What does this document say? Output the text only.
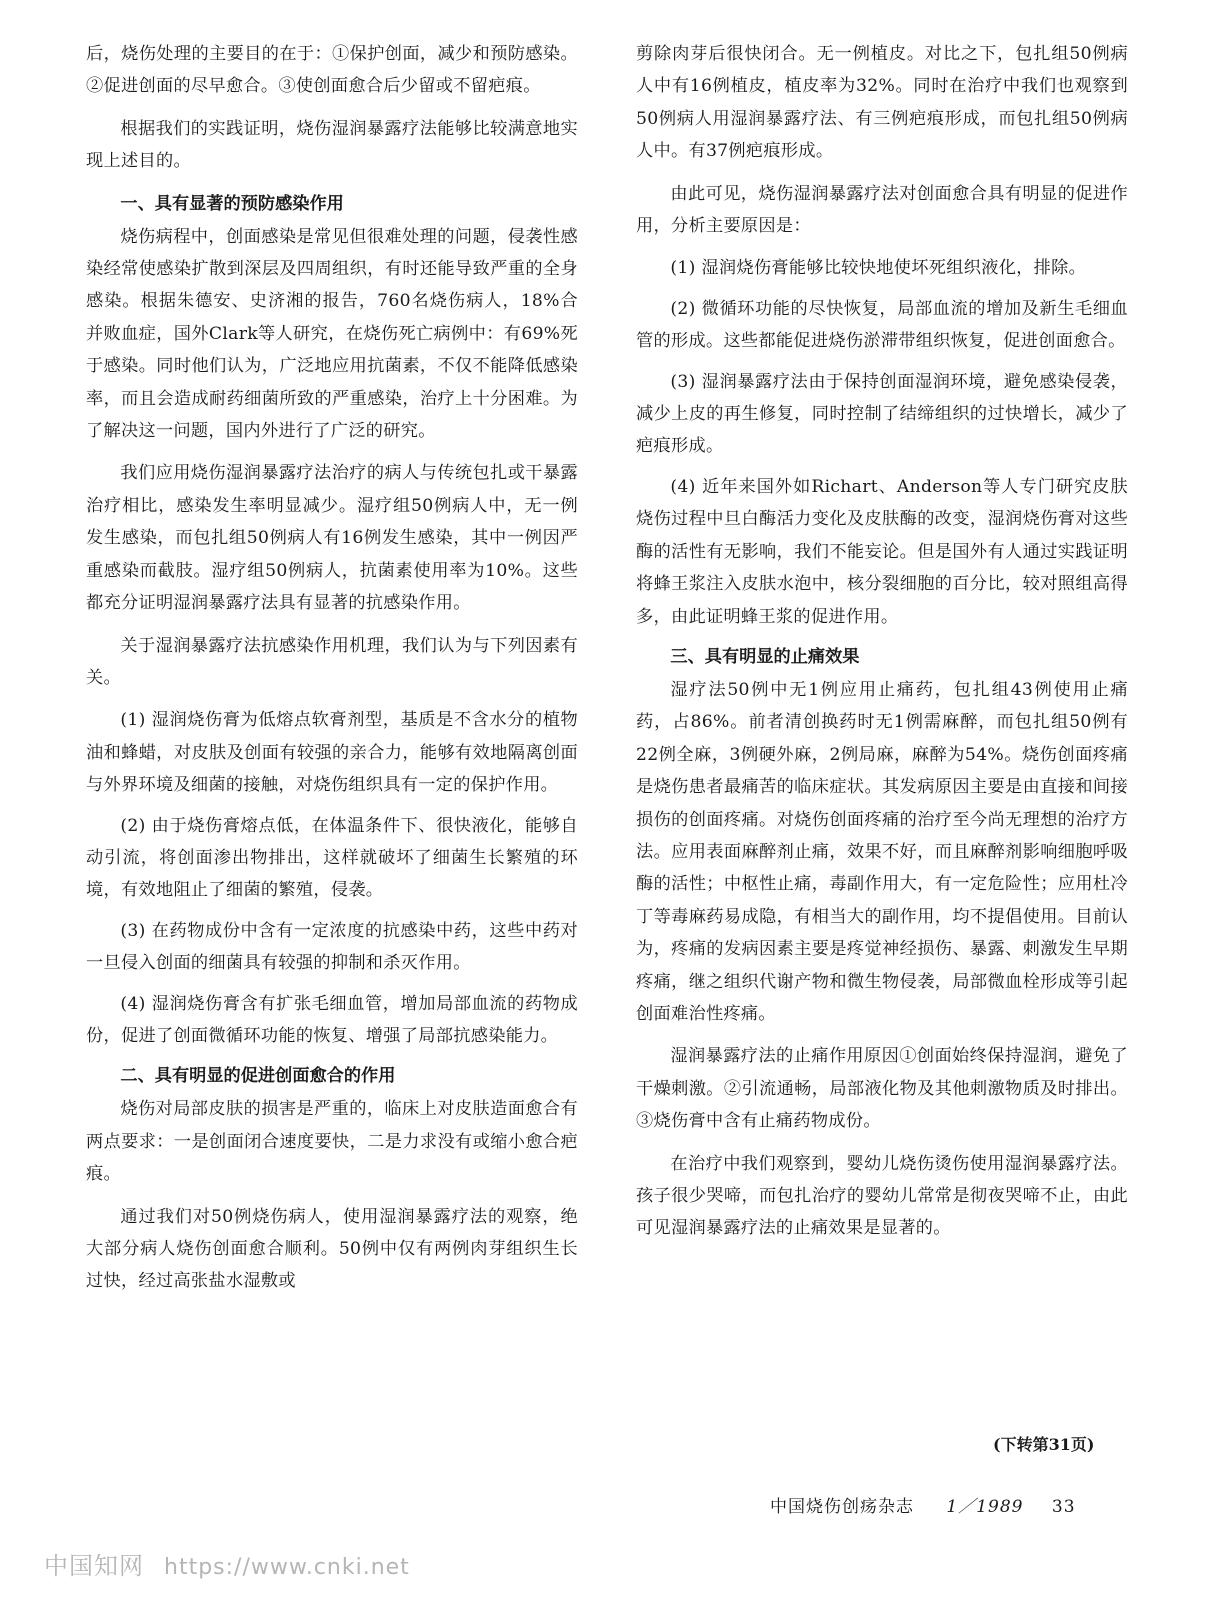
后，烧伤处理的主要目的在于：①保护创面，减少和预防感染。②促进创面的尽早愈合。③使创面愈合后少留或不留疤痕。

根据我们的实践证明，烧伤湿润暴露疗法能够比较满意地实现上述目的。

一、具有显著的预防感染作用

烧伤病程中，创面感染是常见但很难处理的问题，侵袭性感染经常使感染扩散到深层及四周组织，有时还能导致严重的全身感染。根据朱德安、史济湘的报告，760名烧伤病人，18%合并败血症，国外Clark等人研究，在烧伤死亡病例中：有69%死于感染。同时他们认为，广泛地应用抗菌素，不仅不能降低感染率，而且会造成耐药细菌所致的严重感染，治疗上十分困难。为了解决这一问题，国内外进行了广泛的研究。

我们应用烧伤湿润暴露疗法治疗的病人与传统包扎或干暴露治疗相比，感染发生率明显减少。湿疗组50例病人中，无一例发生感染，而包扎组50例病人有16例发生感染，其中一例因严重感染而截肢。湿疗组50例病人，抗菌素使用率为10%。这些都充分证明湿润暴露疗法具有显著的抗感染作用。

关于湿润暴露疗法抗感染作用机理，我们认为与下列因素有关。

(1) 湿润烧伤膏为低熔点软膏剂型，基质是不含水分的植物油和蜂蜡，对皮肤及创面有较强的亲合力，能够有效地隔离创面与外界环境及细菌的接触，对烧伤组织具有一定的保护作用。

(2) 由于烧伤膏熔点低，在体温条件下、很快液化，能够自动引流，将创面渗出物排出，这样就破坏了细菌生长繁殖的环境，有效地阻止了细菌的繁殖，侵袭。

(3) 在药物成份中含有一定浓度的抗感染中药，这些中药对一旦侵入创面的细菌具有较强的抑制和杀灭作用。

(4) 湿润烧伤膏含有扩张毛细血管，增加局部血流的药物成份，促进了创面微循环功能的恢复、增强了局部抗感染能力。

二、具有明显的促进创面愈合的作用

烧伤对局部皮肤的损害是严重的，临床上对皮肤造面愈合有两点要求：一是创面闭合速度要快，二是力求没有或缩小愈合疤痕。

通过我们对50例烧伤病人，使用湿润暴露疗法的观察，绝大部分病人烧伤创面愈合顺利。50例中仅有两例肉芽组织生长过快，经过高张盐水湿敷或

剪除肉芽后很快闭合。无一例植皮。对比之下，包扎组50例病人中有16例植皮，植皮率为32%。同时在治疗中我们也观察到50例病人用湿润暴露疗法、有三例疤痕形成，而包扎组50例病人中。有37例疤痕形成。

由此可见，烧伤湿润暴露疗法对创面愈合具有明显的促进作用，分析主要原因是：

(1) 湿润烧伤膏能够比较快地使坏死组织液化，排除。

(2) 微循环功能的尽快恢复，局部血流的增加及新生毛细血管的形成。这些都能促进烧伤淤滞带组织恢复，促进创面愈合。

(3) 湿润暴露疗法由于保持创面湿润环境，避免感染侵袭，减少上皮的再生修复，同时控制了结缔组织的过快增长，减少了疤痕形成。

(4) 近年来国外如Richart、Anderson等人专门研究皮肤烧伤过程中旦白酶活力变化及皮肤酶的改变，湿润烧伤膏对这些酶的活性有无影响，我们不能妄论。但是国外有人通过实践证明将蜂王浆注入皮肤水泡中，核分裂细胞的百分比，较对照组高得多，由此证明蜂王浆的促进作用。

三、具有明显的止痛效果

湿疗法50例中无1例应用止痛药，包扎组43例使用止痛药，占86%。前者清创换药时无1例需麻醉，而包扎组50例有22例全麻，3例硬外麻，2例局麻，麻醉为54%。烧伤创面疼痛是烧伤患者最痛苦的临床症状。其发病原因主要是由直接和间接损伤的创面疼痛。对烧伤创面疼痛的治疗至今尚无理想的治疗方法。应用表面麻醉剂止痛，效果不好，而且麻醉剂影响细胞呼吸酶的活性；中枢性止痛，毒副作用大，有一定危险性；应用杜冷丁等毒麻药易成隐，有相当大的副作用，均不提倡使用。目前认为，疼痛的发病因素主要是疼觉神经损伤、暴露、刺激发生早期疼痛，继之组织代谢产物和微生物侵袭，局部微血栓形成等引起创面难治性疼痛。

湿润暴露疗法的止痛作用原因①创面始终保持湿润，避免了干燥刺激。②引流通畅，局部液化物及其他刺激物质及时排出。③烧伤膏中含有止痛药物成份。

在治疗中我们观察到，婴幼儿烧伤烫伤使用湿润暴露疗法。孩子很少哭啼，而包扎治疗的婴幼儿常常是彻夜哭啼不止，由此可见湿润暴露疗法的止痛效果是显著的。

(下转第31页)
中国烧伤创疡杂志 1／1989 33
中国知网 https://www.cnki.net
